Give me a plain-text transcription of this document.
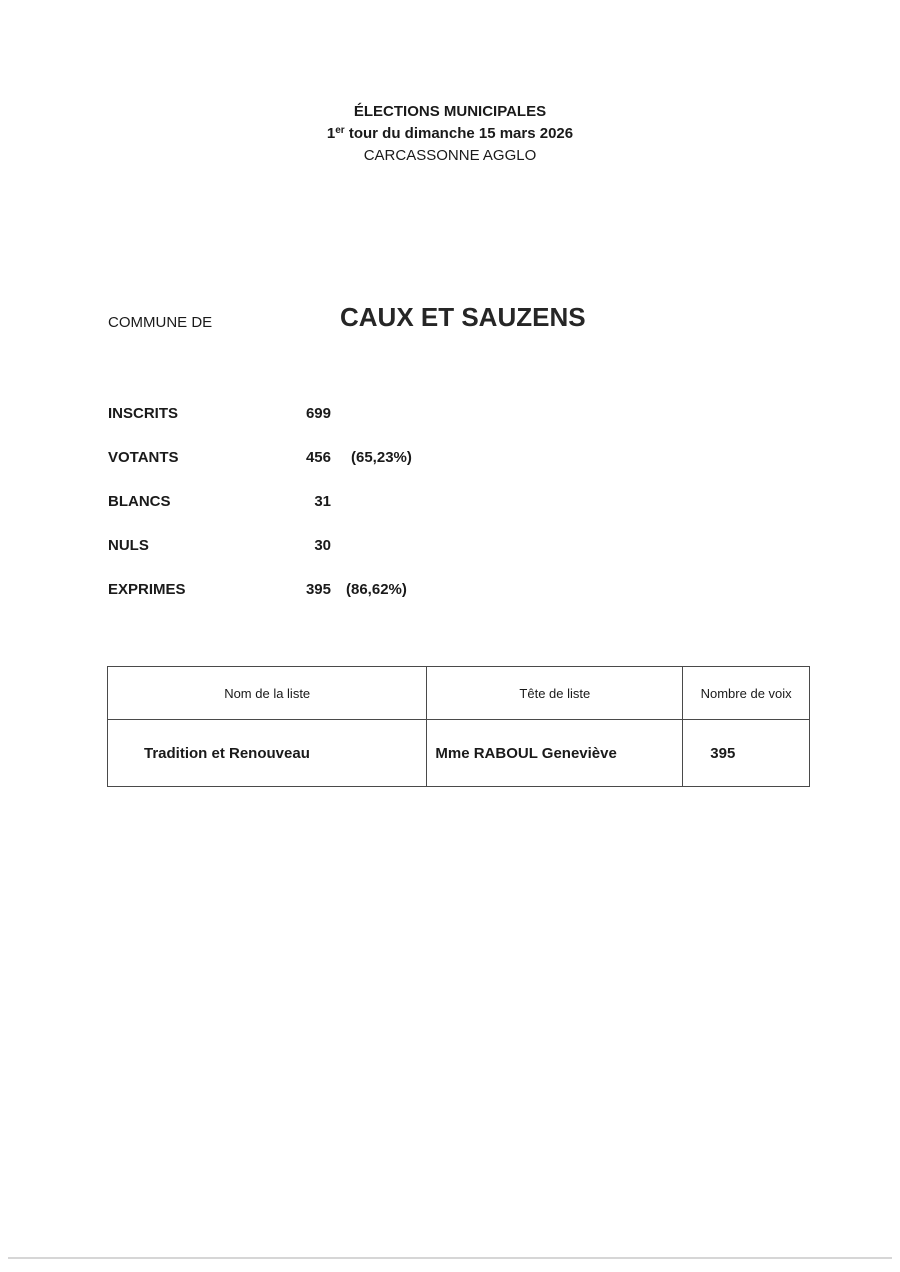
ÉLECTIONS MUNICIPALES
1er tour du dimanche 15 mars 2026
CARCASSONNE AGGLO
COMMUNE DE	CAUX ET SAUZENS
INSCRITS	699
VOTANTS	456 (65,23%)
BLANCS	31
NULS	30
EXPRIMES	395 (86,62%)
Nom de la liste	Tête de liste	Nombre de voix
Tradition et Renouveau	Mme RABOUL Geneviève	395
